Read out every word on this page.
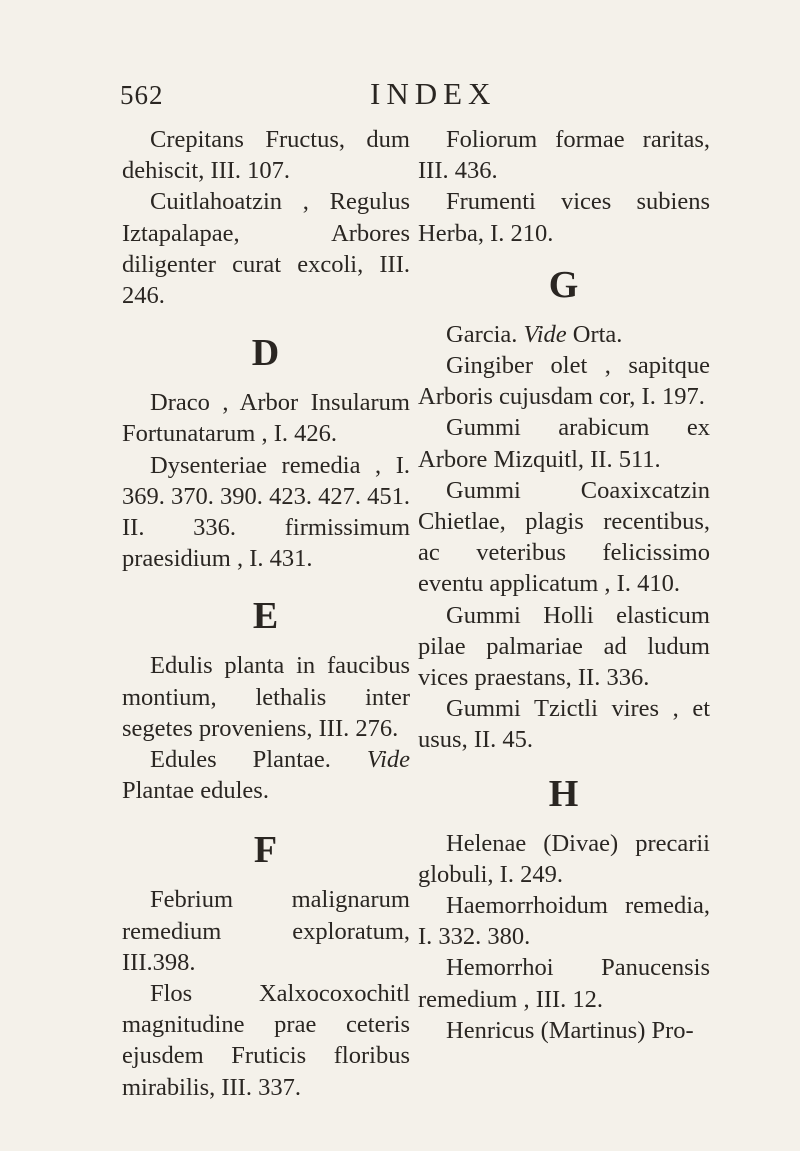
562	INDEX
Crepitans Fructus, dum dehiscit, III. 107.
Cuitlahoatzin , Regulus Iztapalapae, Arbores diligenter curat excoli, III. 246.
D
Draco , Arbor Insularum Fortunatarum , I. 426.
Dysenteriae remedia , I. 369. 370. 390. 423. 427. 451. II. 336. firmissimum praesidium , I. 431.
E
Edulis planta in faucibus montium, lethalis inter segetes proveniens, III. 276.
Edules Plantae. Vide Plantae edules.
F
Febrium malignarum remedium exploratum, III.398.
Flos Xalxocoxochitl magnitudine prae ceteris ejusdem Fruticis floribus mirabilis, III. 337.
Foliorum formae raritas, III. 436.
Frumenti vices subiens Herba, I. 210.
G
Garcia. Vide Orta.
Gingiber olet , sapitque Arboris cujusdam cor, I. 197.
Gummi arabicum ex Arbore Mizquitl, II. 511.
Gummi Coaxixcatzin Chietlae, plagis recentibus, ac veteribus felicissimo eventu applicatum , I. 410.
Gummi Holli elasticum pilae palmariae ad ludum vices praestans, II. 336.
Gummi Tzictli vires , et usus, II. 45.
H
Helenae (Divae) precarii globuli, I. 249.
Haemorrhoidum remedia, I. 332. 380.
Hemorrhoi Panucensis remedium , III. 12.
Henricus (Martinus) Pro-
